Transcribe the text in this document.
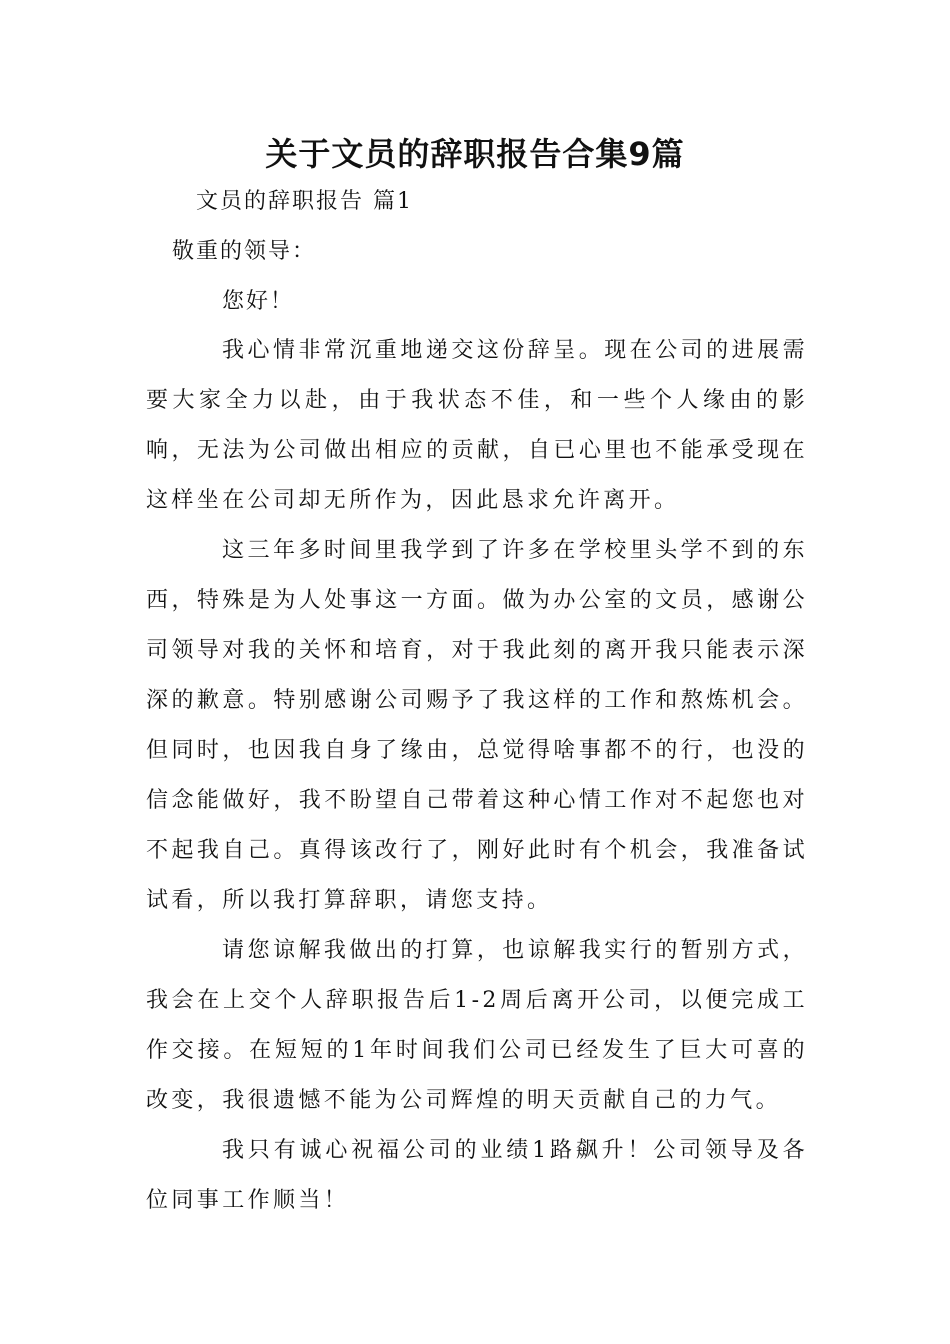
关于文员的辞职报告合集9篇

文员的辞职报告 篇1

敬重的领导：

您好！

我心情非常沉重地递交这份辞呈。现在公司的进展需要大家全力以赴，由于我状态不佳，和一些个人缘由的影响，无法为公司做出相应的贡献，自已心里也不能承受现在这样坐在公司却无所作为，因此恳求允许离开。

这三年多时间里我学到了许多在学校里头学不到的东西，特殊是为人处事这一方面。做为办公室的文员，感谢公司领导对我的关怀和培育，对于我此刻的离开我只能表示深深的歉意。特别感谢公司赐予了我这样的工作和熬炼机会。但同时，也因我自身了缘由，总觉得啥事都不的行，也没的信念能做好，我不盼望自己带着这种心情工作对不起您也对不起我自己。真得该改行了，刚好此时有个机会，我准备试试看，所以我打算辞职，请您支持。

请您谅解我做出的打算，也谅解我实行的暂别方式，我会在上交个人辞职报告后1-2周后离开公司，以便完成工作交接。在短短的1年时间我们公司已经发生了巨大可喜的改变，我很遗憾不能为公司辉煌的明天贡献自己的力气。

我只有诚心祝福公司的业绩1路飙升！公司领导及各位同事工作顺当！
